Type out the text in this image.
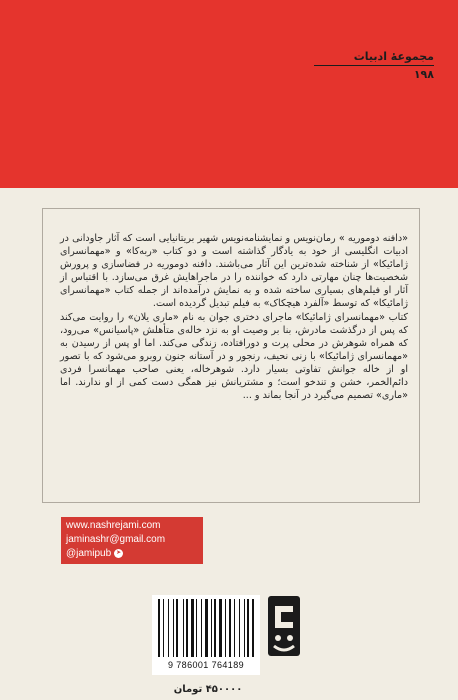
مجموعهٔ ادبیات
۱۹۸

«دافنه دوموریه » رمان‌نویس و نمایشنامه‌نویس شهیر بریتانیایی است که آثار جاودانی در ادبیات انگلیسی از خود به یادگار گذاشته است و دو کتاب «ربه‌کا» و «مهمانسرای ژامائیکا» از شناخته شده‌ترین این آثار می‌باشند. دافنه دوموریه در فضاسازی و پرورش شخصیت‌ها چنان مهارتی دارد که خواننده را در ماجراهایش غرق می‌سازد. با اقتباس از آثار او فیلم‌های بسیاری ساخته شده و به نمایش درآمده‌اند از جمله کتاب «مهمانسرای ژامائیکا» که توسط «آلفرد هیچکاک» به فیلم تبدیل گردیده است.

کتاب «مهمانسرای ژامائیکا» ماجرای دختری جوان به نام «ماری یلان» را روایت می‌کند که پس از درگذشت مادرش، بنا بر وصیت او به نزد خاله‌ی متأهلش «پاسیانس» می‌رود، که همراه شوهرش در محلی پرت و دورافتاده، زندگی می‌کند. اما او پس از رسیدن به «مهمانسرای ژامائیکا» با زنی نحیف، رنجور و در آستانه جنون روبرو می‌شود که با تصور او از خاله جوانش تفاوتی بسیار دارد. شوهرخاله، یعنی صاحب مهمانسرا فردی دائم‌الخمر، خشن و تندخو است؛ و مشتریانش نیز همگی دست کمی از او ندارند. اما «ماری» تصمیم می‌گیرد در آنجا بماند و ...

www.nashrejami.com
jaminashr@gmail.com
@jamipub ➤
9 786001 764189
۴۵۰۰۰۰ تومان
